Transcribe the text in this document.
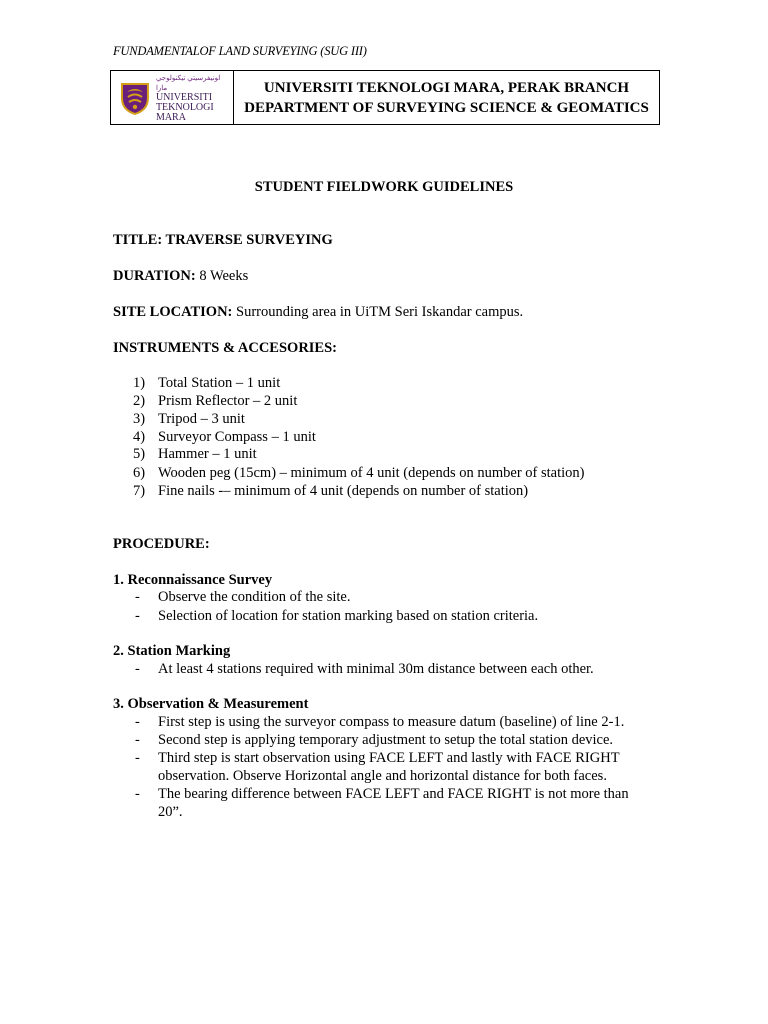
FUNDAMENTALOF LAND SURVEYING (SUG III)
ﺍﻮﻧﻴﻔﺮﺳﻴﺘﻲ ﺗﻴﻜﻨﻮﻟﻮﺟﻲ ﻣﺎرا
UNIVERSITI
TEKNOLOGI
MARA
UNIVERSITI TEKNOLOGI MARA, PERAK BRANCH
DEPARTMENT OF SURVEYING SCIENCE & GEOMATICS
STUDENT FIELDWORK GUIDELINES
TITLE: TRAVERSE SURVEYING
DURATION: 8 Weeks
SITE LOCATION: Surrounding area in UiTM Seri Iskandar campus.
INSTRUMENTS & ACCESORIES:
1) Total Station – 1 unit
2) Prism Reflector – 2 unit
3) Tripod – 3 unit
4) Surveyor Compass – 1 unit
5) Hammer – 1 unit
6) Wooden peg (15cm) – minimum of 4 unit (depends on number of station)
7) Fine nails -– minimum of 4 unit (depends on number of station)
PROCEDURE:
1. Reconnaissance Survey
- Observe the condition of the site.
- Selection of location for station marking based on station criteria.
2. Station Marking
- At least 4 stations required with minimal 30m distance between each other.
3. Observation & Measurement
- First step is using the surveyor compass to measure datum (baseline) of line 2-1.
- Second step is applying temporary adjustment to setup the total station device.
- Third step is start observation using FACE LEFT and lastly with FACE RIGHT
observation. Observe Horizontal angle and horizontal distance for both faces.
- The bearing difference between FACE LEFT and FACE RIGHT is not more than
20”.
